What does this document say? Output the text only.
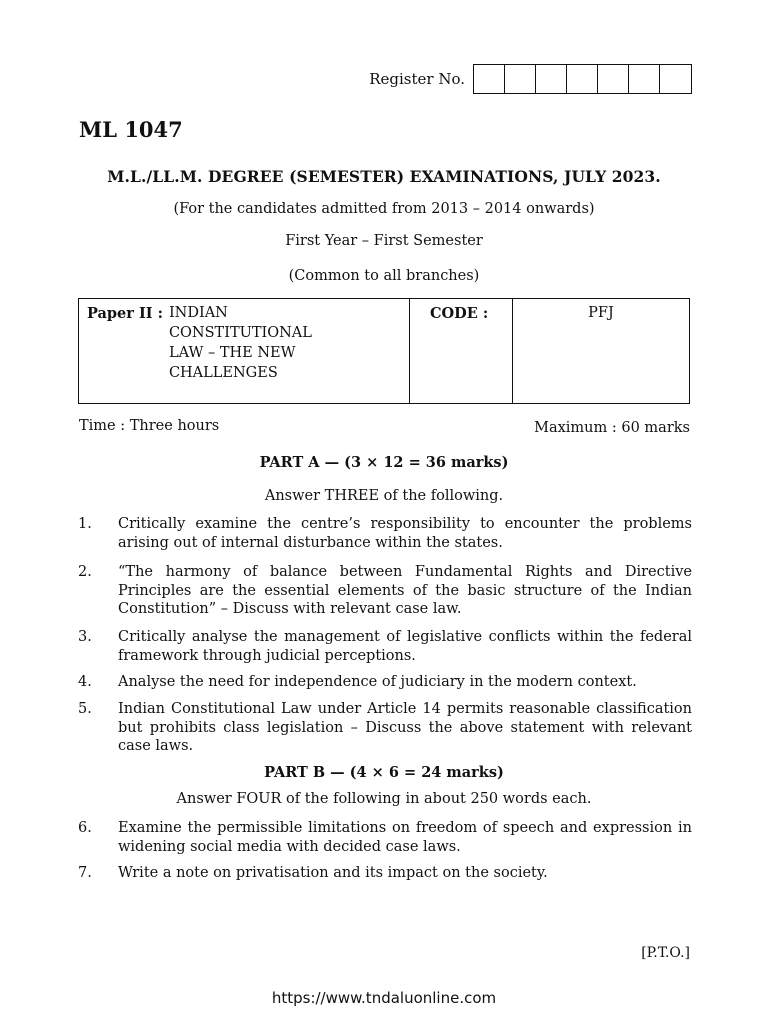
Register No.
ML 1047
M.L./LL.M. DEGREE (SEMESTER) EXAMINATIONS, JULY 2023.
(For the candidates admitted from 2013 – 2014 onwards)
First Year – First Semester
(Common to all branches)
Paper II : INDIAN
CONSTITUTIONAL
LAW – THE NEW
CHALLENGES
CODE :	PFJ
Time : Three hours	Maximum : 60 marks
PART A — (3 × 12 = 36 marks)
Answer THREE of the following.
1.	Critically examine the centre’s responsibility to encounter the problems arising out of internal disturbance within the states.
2.	“The harmony of balance between Fundamental Rights and Directive Principles are the essential elements of the basic structure of the Indian Constitution” – Discuss with relevant case law.
3.	Critically analyse the management of legislative conflicts within the federal framework through judicial perceptions.
4.	Analyse the need for independence of judiciary in the modern context.
5.	Indian Constitutional Law under Article 14 permits reasonable classification but prohibits class legislation – Discuss the above statement with relevant case laws.
PART B — (4 × 6 = 24 marks)
Answer FOUR of the following in about 250 words each.
6.	Examine the permissible limitations on freedom of speech and expression in widening social media with decided case laws.
7.	Write a note on privatisation and its impact on the society.
[P.T.O.]
https://www.tndaluonline.com
